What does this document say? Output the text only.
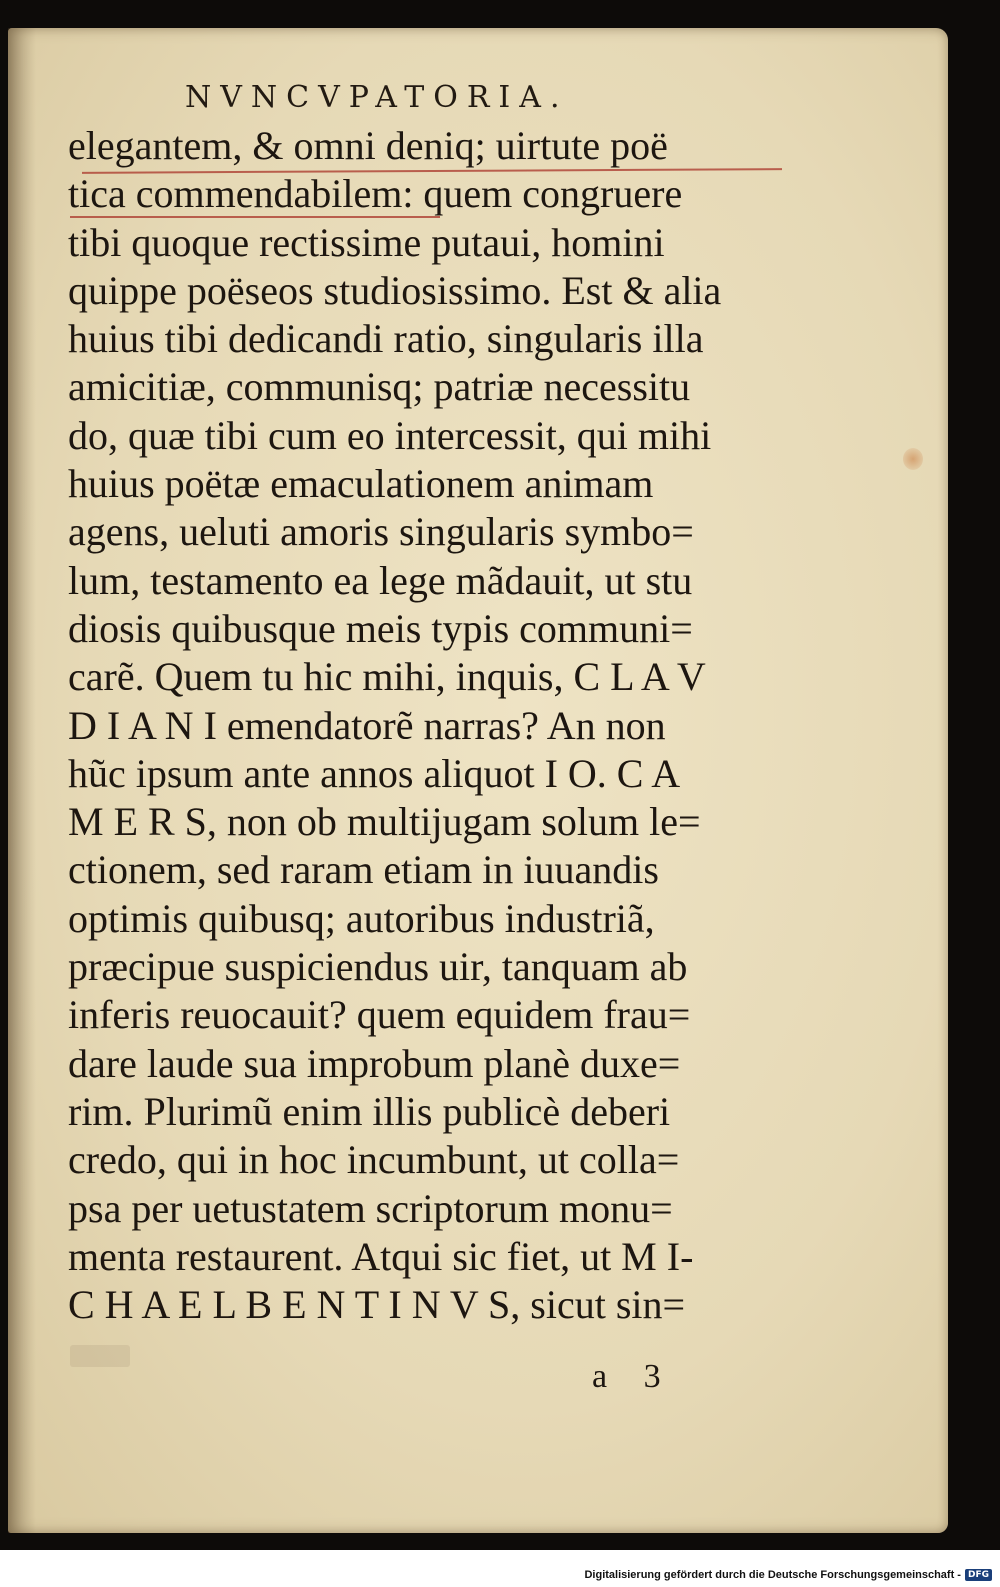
NVNCVPATORIA.
elegantem, & omni deniq; uirtute poë
tica commendabilem: quem congruere
tibi quoque rectissime putaui, homini
quippe poëseos studiosissimo. Est & alia
huius tibi dedicandi ratio, singularis illa
amicitiæ, communisq; patriæ necessitu
do, quæ tibi cum eo intercessit, qui mihi
huius poëtæ emaculationem animam
agens, ueluti amoris singularis symbo=
lum, testamento ea lege mãdauit, ut stu
diosis quibusque meis typis communi=
carẽ. Quem tu hic mihi, inquis, C L A V
D I A N I emendatorẽ narras? An non
hũc ipsum ante annos aliquot I O. C A
M E R S, non ob multijugam solum le=
ctionem, sed raram etiam in iuuandis
optimis quibusq; autoribus industriã,
præcipue suspiciendus uir, tanquam ab
inferis reuocauit? quem equidem frau=
dare laude sua improbum planè duxe=
rim. Plurimũ enim illis publicè deberi
credo, qui in hoc incumbunt, ut colla=
psa per uetustatem scriptorum monu=
menta restaurent. Atqui sic fiet, ut M I-
C H A E L B E N T I N V S, sicut sin=
a 3
Digitalisierung gefördert durch die Deutsche Forschungsgemeinschaft - DFG
